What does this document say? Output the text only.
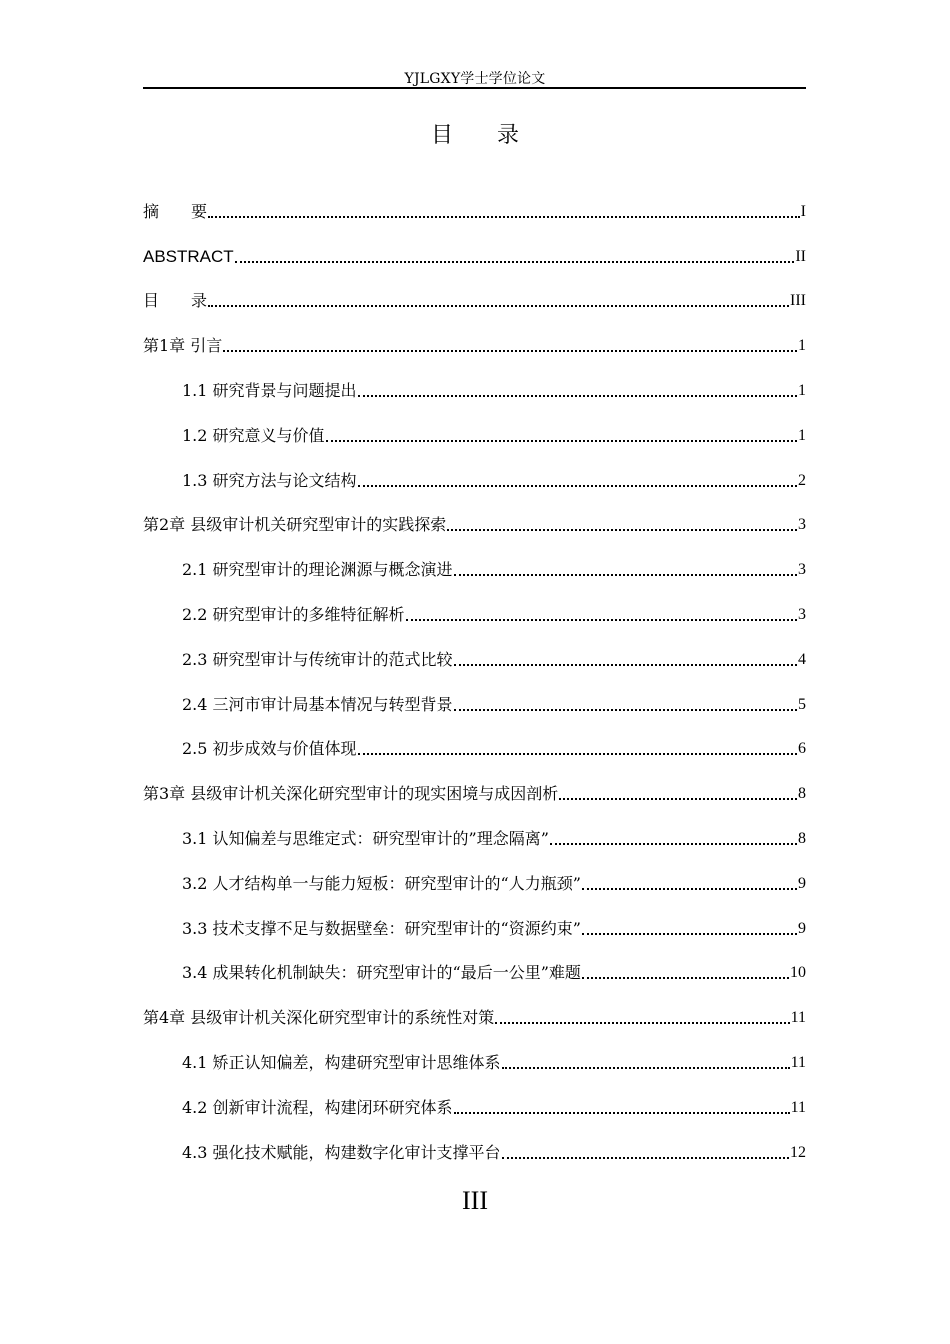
YJLGXY学士学位论文
目录
摘　　要	I
ABSTRACT	II
目　　录	III
第1章 引言	1
1.1 研究背景与问题提出	1
1.2 研究意义与价值	1
1.3 研究方法与论文结构	2
第2章 县级审计机关研究型审计的实践探索	3
2.1 研究型审计的理论渊源与概念演进	3
2.2 研究型审计的多维特征解析	3
2.3 研究型审计与传统审计的范式比较	4
2.4 三河市审计局基本情况与转型背景	5
2.5 初步成效与价值体现	6
第3章 县级审计机关深化研究型审计的现实困境与成因剖析	8
3.1 认知偏差与思维定式：研究型审计的”理念隔离”	8
3.2 人才结构单一与能力短板：研究型审计的“人力瓶颈”	9
3.3 技术支撑不足与数据壁垒：研究型审计的“资源约束”	9
3.4 成果转化机制缺失：研究型审计的“最后一公里”难题	10
第4章 县级审计机关深化研究型审计的系统性对策	11
4.1 矫正认知偏差，构建研究型审计思维体系	11
4.2 创新审计流程，构建闭环研究体系	11
4.3 强化技术赋能，构建数字化审计支撑平台	12
III
